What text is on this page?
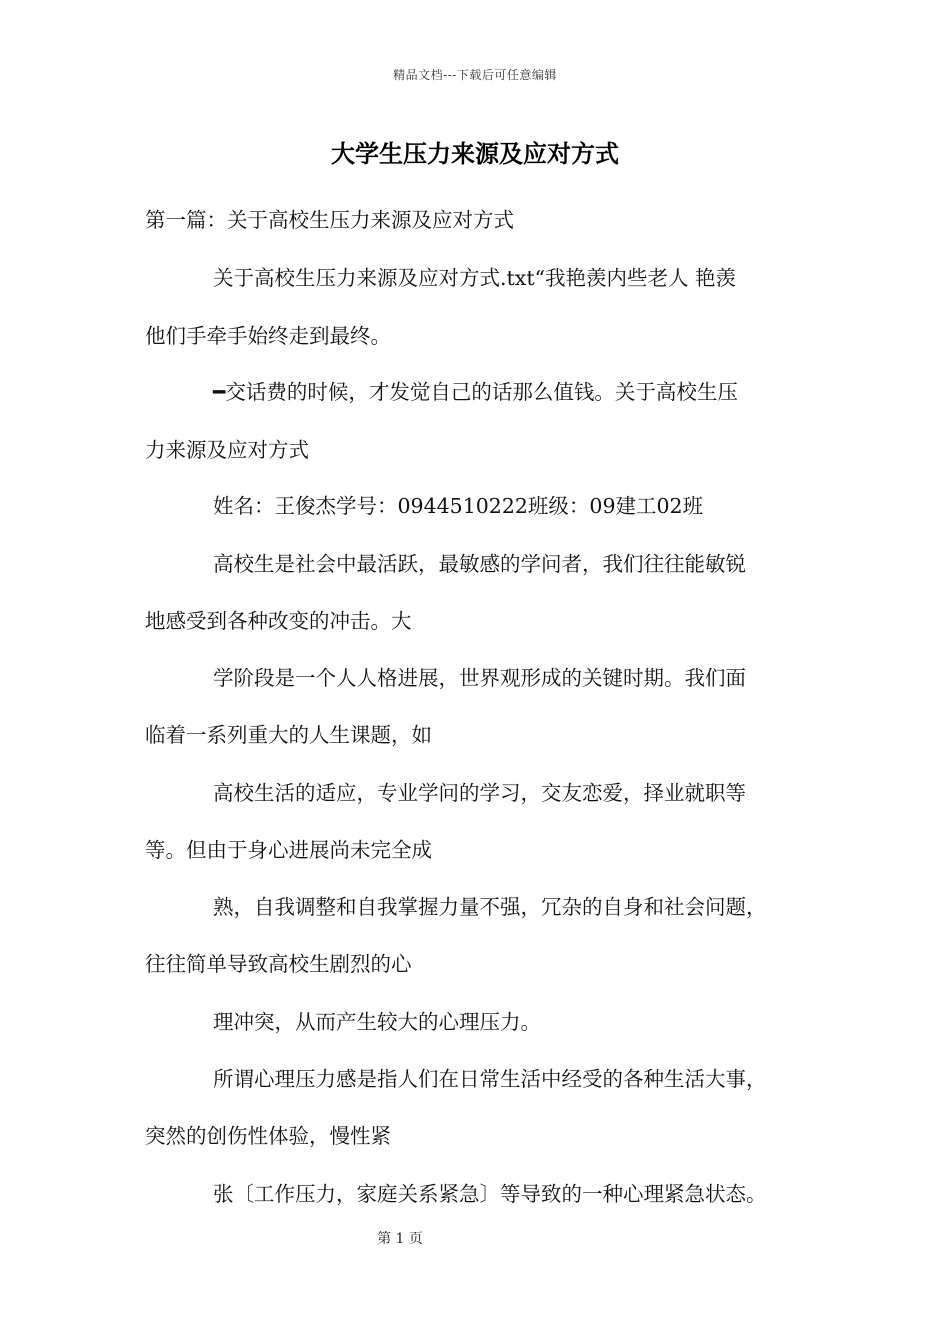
精品文档---下载后可任意编辑
大学生压力来源及应对方式
第一篇：关于高校生压力来源及应对方式
关于高校生压力来源及应对方式.txt“我艳羡内些老人 艳羡
他们手牵手始终走到最终。
━交话费的时候，才发觉自己的话那么值钱。关于高校生压
力来源及应对方式
姓名：王俊杰学号：0944510222班级：09建工02班
高校生是社会中最活跃，最敏感的学问者，我们往往能敏锐
地感受到各种改变的冲击。大
学阶段是一个人人格进展，世界观形成的关键时期。我们面
临着一系列重大的人生课题，如
高校生活的适应，专业学问的学习，交友恋爱，择业就职等
等。但由于身心进展尚未完全成
熟，自我调整和自我掌握力量不强，冗杂的自身和社会问题，
往往简单导致高校生剧烈的心
理冲突，从而产生较大的心理压力。
所谓心理压力感是指人们在日常生活中经受的各种生活大事，
突然的创伤性体验，慢性紧
张〔工作压力，家庭关系紧急〕等导致的一种心理紧急状态。
第 1 页
